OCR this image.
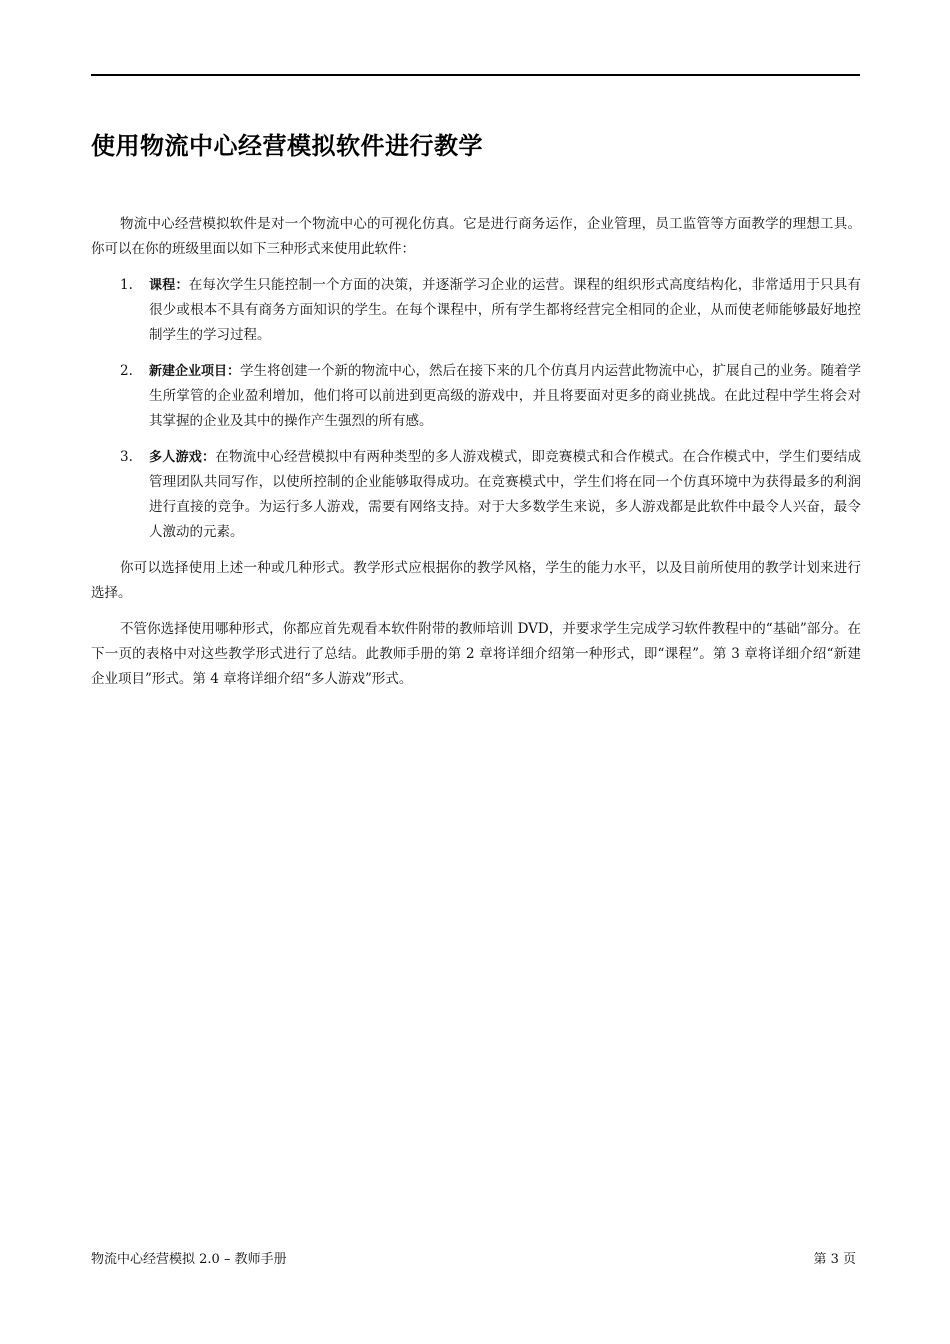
使用物流中心经营模拟软件进行教学

物流中心经营模拟软件是对一个物流中心的可视化仿真。它是进行商务运作，企业管理，员工监管等方面教学的理想工具。你可以在你的班级里面以如下三种形式来使用此软件：

1. 课程：在每次学生只能控制一个方面的决策，并逐渐学习企业的运营。课程的组织形式高度结构化，非常适用于只具有很少或根本不具有商务方面知识的学生。在每个课程中，所有学生都将经营完全相同的企业，从而使老师能够最好地控制学生的学习过程。
2. 新建企业项目：学生将创建一个新的物流中心，然后在接下来的几个仿真月内运营此物流中心，扩展自己的业务。随着学生所掌管的企业盈利增加，他们将可以前进到更高级的游戏中，并且将要面对更多的商业挑战。在此过程中学生将会对其掌握的企业及其中的操作产生强烈的所有感。
3. 多人游戏：在物流中心经营模拟中有两种类型的多人游戏模式，即竞赛模式和合作模式。在合作模式中，学生们要结成管理团队共同写作，以使所控制的企业能够取得成功。在竞赛模式中，学生们将在同一个仿真环境中为获得最多的利润进行直接的竞争。为运行多人游戏，需要有网络支持。对于大多数学生来说，多人游戏都是此软件中最令人兴奋，最令人激动的元素。

你可以选择使用上述一种或几种形式。教学形式应根据你的教学风格，学生的能力水平，以及目前所使用的教学计划来进行选择。

不管你选择使用哪种形式，你都应首先观看本软件附带的教师培训 DVD，并要求学生完成学习软件教程中的“基础”部分。在下一页的表格中对这些教学形式进行了总结。此教师手册的第 2 章将详细介绍第一种形式，即“课程”。第 3 章将详细介绍“新建企业项目”形式。第 4 章将详细介绍“多人游戏”形式。

物流中心经营模拟 2.0 – 教师手册	第 3 页
